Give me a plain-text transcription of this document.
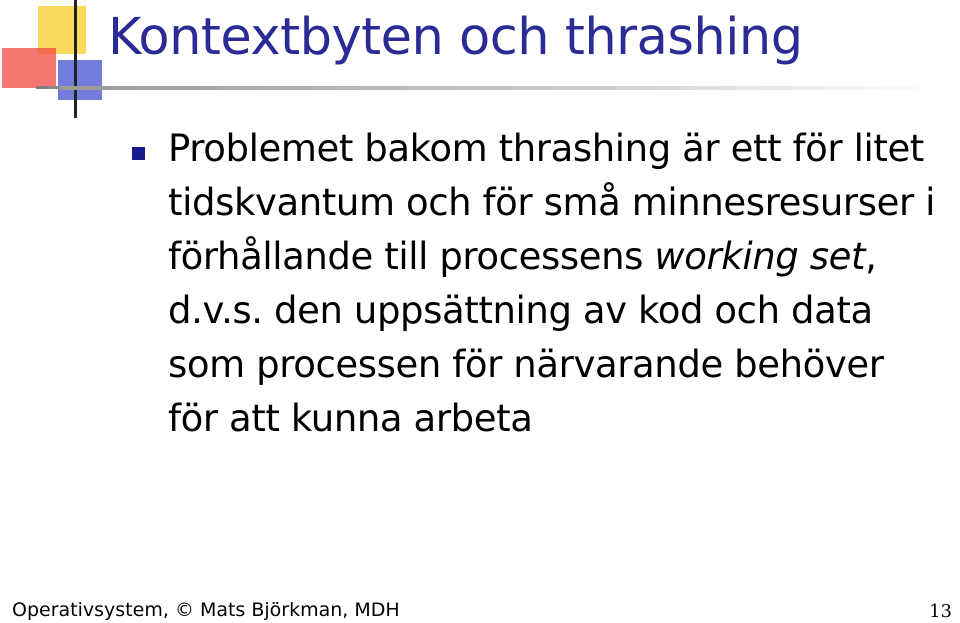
Kontextbyten och thrashing

Problemet bakom thrashing är ett för litet tidskvantum och för små minnesresurser i förhållande till processens working set, d.v.s. den uppsättning av kod och data som processen för närvarande behöver för att kunna arbeta

Operativsystem, © Mats Björkman, MDH	13
